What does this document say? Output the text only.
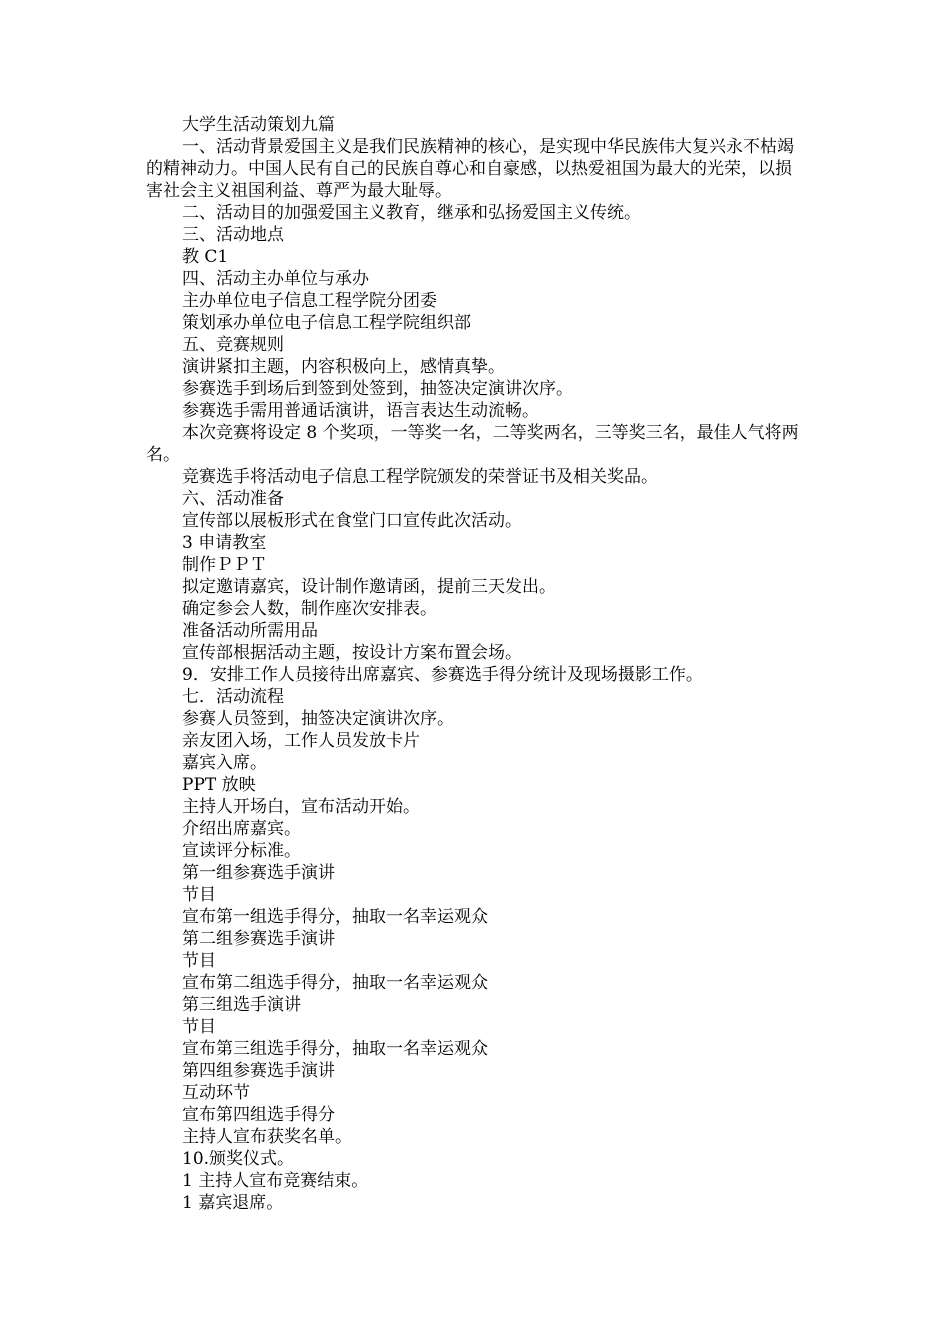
大学生活动策划九篇

一、活动背景爱国主义是我们民族精神的核心，是实现中华民族伟大复兴永不枯竭的精神动力。中国人民有自己的民族自尊心和自豪感，以热爱祖国为最大的光荣，以损害社会主义祖国利益、尊严为最大耻辱。

二、活动目的加强爱国主义教育，继承和弘扬爱国主义传统。

三、活动地点

教 C1

四、活动主办单位与承办

主办单位电子信息工程学院分团委

策划承办单位电子信息工程学院组织部

五、竞赛规则

演讲紧扣主题，内容积极向上，感情真挚。

参赛选手到场后到签到处签到，抽签决定演讲次序。

参赛选手需用普通话演讲，语言表达生动流畅。

本次竞赛将设定 8 个奖项，一等奖一名，二等奖两名，三等奖三名，最佳人气将两名。

竞赛选手将活动电子信息工程学院颁发的荣誉证书及相关奖品。

六、活动准备

宣传部以展板形式在食堂门口宣传此次活动。

3 申请教室

制作ＰＰＴ

拟定邀请嘉宾，设计制作邀请函，提前三天发出。

确定参会人数，制作座次安排表。

准备活动所需用品

宣传部根据活动主题，按设计方案布置会场。

9．安排工作人员接待出席嘉宾、参赛选手得分统计及现场摄影工作。

七．活动流程

参赛人员签到，抽签决定演讲次序。

亲友团入场，工作人员发放卡片

嘉宾入席。

PPT 放映

主持人开场白，宣布活动开始。

介绍出席嘉宾。

宣读评分标准。

第一组参赛选手演讲

节目

宣布第一组选手得分，抽取一名幸运观众

第二组参赛选手演讲

节目

宣布第二组选手得分，抽取一名幸运观众

第三组选手演讲

节目

宣布第三组选手得分，抽取一名幸运观众

第四组参赛选手演讲

互动环节

宣布第四组选手得分

主持人宣布获奖名单。

10.颁奖仪式。

1 主持人宣布竞赛结束。

1 嘉宾退席。
